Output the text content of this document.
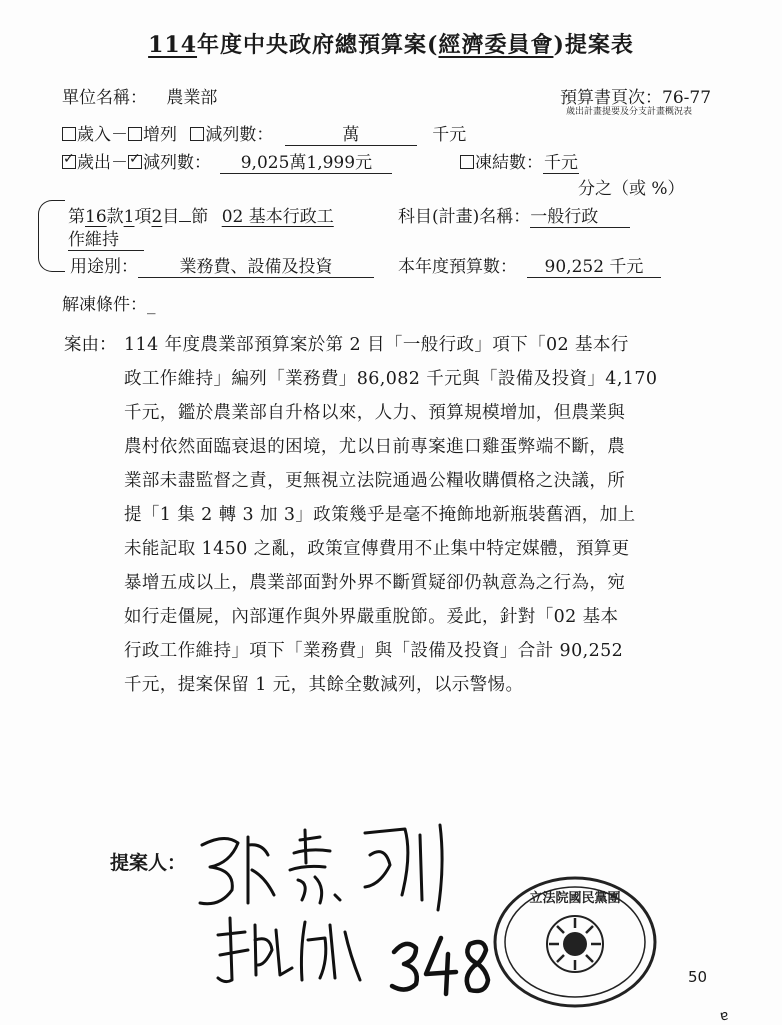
114年度中央政府總預算案(經濟委員會)提案表
單位名稱： 農業部	預算書頁次：76-77
歲出計畫提要及分支計畫概況表
歲入－ 增列 減列數：	萬	千元
✓歲出－✓ 減列數： 9,025萬1,999元	凍結數：千元
分之（或 %）
第16款1項2目 節 02 基本行政工	科目(計畫)名稱：一般行政
作維持
用途別： 業務費、設備及投資	本年度預算數： 90,252 千元
解凍條件：_
案由： 114 年度農業部預算案於第 2 目「一般行政」項下「02 基本行
政工作維持」編列「業務費」86,082 千元與「設備及投資」4,170
千元，鑑於農業部自升格以來，人力、預算規模增加，但農業與
農村依然面臨衰退的困境，尤以日前專案進口雞蛋弊端不斷，農
業部未盡監督之責，更無視立法院通過公糧收購價格之決議，所
提「1 集 2 轉 3 加 3」政策幾乎是毫不掩飾地新瓶裝舊酒，加上
未能記取 1450 之亂，政策宣傳費用不止集中特定媒體，預算更
暴增五成以上，農業部面對外界不斷質疑卻仍執意為之行為，宛
如行走僵屍，內部運作與外界嚴重脫節。爰此，針對「02 基本
行政工作維持」項下「業務費」與「設備及投資」合計 90,252
千元，提案保留 1 元，其餘全數減列，以示警惕。
提案人：
立法院國民黨團
50
ɐ
